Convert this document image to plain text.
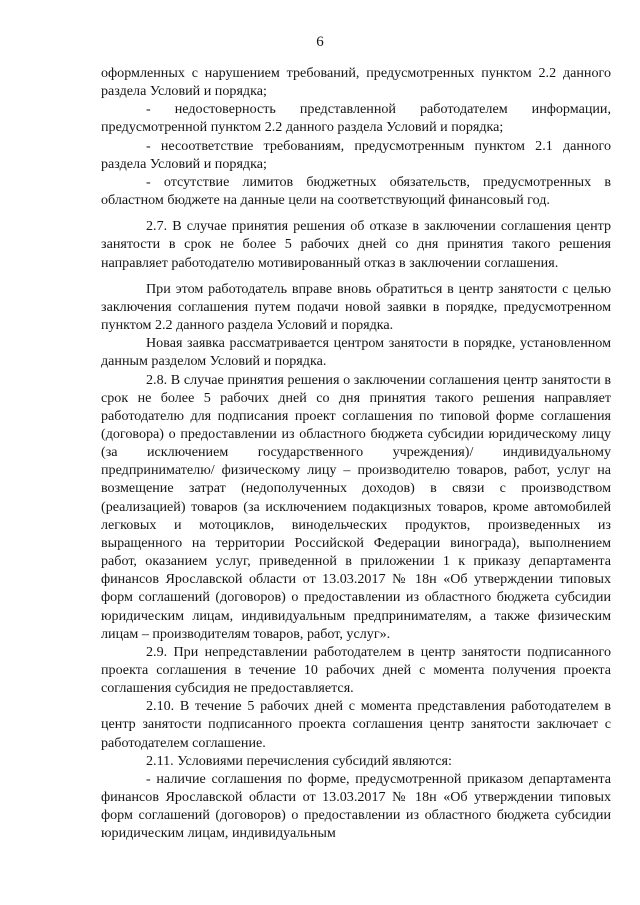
6

оформленных с нарушением требований, предусмотренных пунктом 2.2 данного раздела Условий и порядка;

- недостоверность представленной работодателем информации, предусмотренной пунктом 2.2 данного раздела Условий и порядка;

- несоответствие требованиям, предусмотренным пунктом 2.1 данного раздела Условий и порядка;

- отсутствие лимитов бюджетных обязательств, предусмотренных в областном бюджете на данные цели на соответствующий финансовый год.

2.7. В случае принятия решения об отказе в заключении соглашения центр занятости в срок не более 5 рабочих дней со дня принятия такого решения направляет работодателю мотивированный отказ в заключении соглашения.

При этом работодатель вправе вновь обратиться в центр занятости с целью заключения соглашения путем подачи новой заявки в порядке, предусмотренном пунктом 2.2 данного раздела Условий и порядка.

Новая заявка рассматривается центром занятости в порядке, установленном данным разделом Условий и порядка.

2.8. В случае принятия решения о заключении соглашения центр занятости в срок не более 5 рабочих дней со дня принятия такого решения направляет работодателю для подписания проект соглашения по типовой форме соглашения (договора) о предоставлении из областного бюджета субсидии юридическому лицу (за исключением государственного учреждения)/ индивидуальному предпринимателю/ физическому лицу – производителю товаров, работ, услуг на возмещение затрат (недополученных доходов) в связи с производством (реализацией) товаров (за исключением подакцизных товаров, кроме автомобилей легковых и мотоциклов, винодельческих продуктов, произведенных из выращенного на территории Российской Федерации винограда), выполнением работ, оказанием услуг, приведенной в приложении 1 к приказу департамента финансов Ярославской области от 13.03.2017 № 18н «Об утверждении типовых форм соглашений (договоров) о предоставлении из областного бюджета субсидии юридическим лицам, индивидуальным предпринимателям, а также физическим лицам – производителям товаров, работ, услуг».

2.9. При непредставлении работодателем в центр занятости подписанного проекта соглашения в течение 10 рабочих дней с момента получения проекта соглашения субсидия не предоставляется.

2.10. В течение 5 рабочих дней с момента представления работодателем в центр занятости подписанного проекта соглашения центр занятости заключает с работодателем соглашение.

2.11. Условиями перечисления субсидий являются:

- наличие соглашения по форме, предусмотренной приказом департамента финансов Ярославской области от 13.03.2017 № 18н «Об утверждении типовых форм соглашений (договоров) о предоставлении из областного бюджета субсидии юридическим лицам, индивидуальным
